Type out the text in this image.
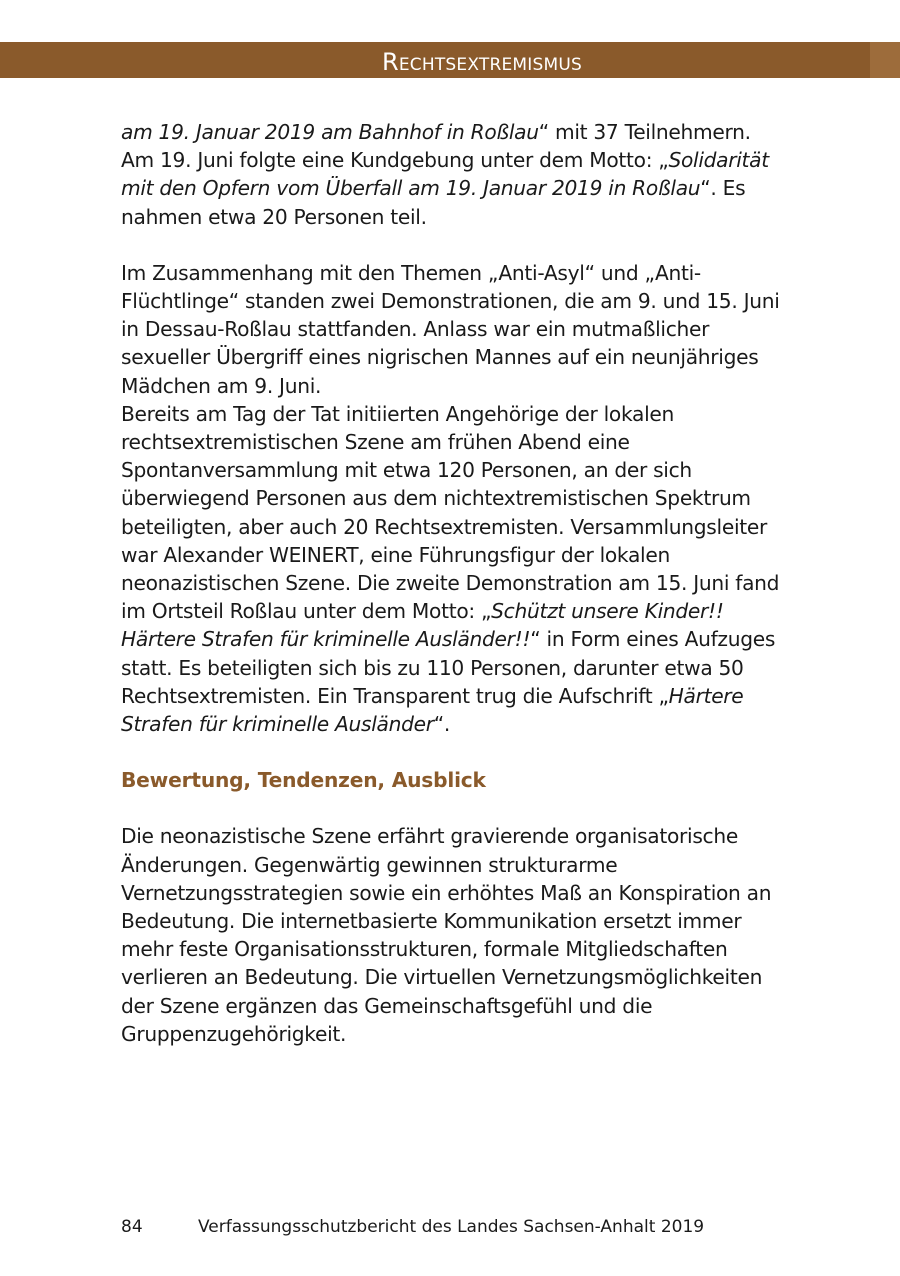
Rechtsextremismus

am 19. Januar 2019 am Bahnhof in Roßlau“ mit 37 Teilnehmern. Am 19. Juni folgte eine Kundgebung unter dem Motto: „Solidarität mit den Opfern vom Überfall am 19. Januar 2019 in Roßlau“. Es nahmen etwa 20 Personen teil.

Im Zusammenhang mit den Themen „Anti-Asyl“ und „Anti-Flüchtlinge“ standen zwei Demonstrationen, die am 9. und 15. Juni in Dessau-Roßlau stattfanden. Anlass war ein mutmaßlicher sexueller Übergriff eines nigrischen Mannes auf ein neunjähriges Mädchen am 9. Juni.

Bereits am Tag der Tat initiierten Angehörige der lokalen rechtsextremistischen Szene am frühen Abend eine Spontanversammlung mit etwa 120 Personen, an der sich überwiegend Personen aus dem nichtextremistischen Spektrum beteiligten, aber auch 20 Rechtsextremisten. Versammlungsleiter war Alexander WEINERT, eine Führungsfigur der lokalen neonazistischen Szene. Die zweite Demonstration am 15. Juni fand im Ortsteil Roßlau unter dem Motto: „Schützt unsere Kinder!! Härtere Strafen für kriminelle Ausländer!!“ in Form eines Aufzuges statt. Es beteiligten sich bis zu 110 Personen, darunter etwa 50 Rechtsextremisten. Ein Transparent trug die Aufschrift „Härtere Strafen für kriminelle Ausländer“.

Bewertung, Tendenzen, Ausblick

Die neonazistische Szene erfährt gravierende organisatorische Änderungen. Gegenwärtig gewinnen strukturarme Vernetzungsstrategien sowie ein erhöhtes Maß an Konspiration an Bedeutung. Die internetbasierte Kommunikation ersetzt immer mehr feste Organisationsstrukturen, formale Mitgliedschaften verlieren an Bedeutung. Die virtuellen Vernetzungsmöglichkeiten der Szene ergänzen das Gemeinschaftsgefühl und die Gruppenzugehörigkeit.

84	Verfassungsschutzbericht des Landes Sachsen-Anhalt 2019
